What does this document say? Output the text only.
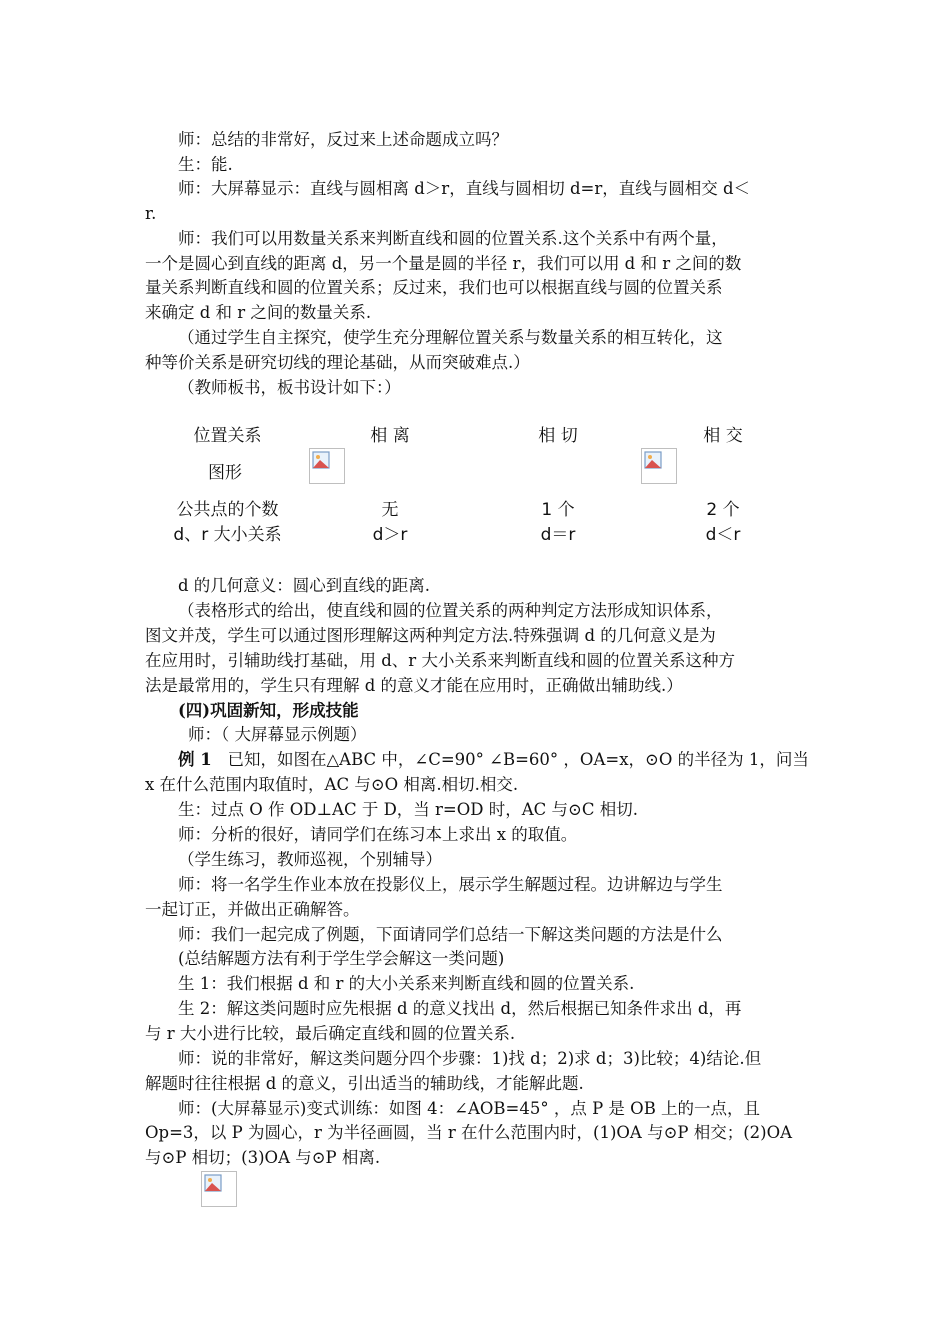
师：总结的非常好，反过来上述命题成立吗？
生：能.
师：大屏幕显示：直线与圆相离 d＞r，直线与圆相切 d=r，直线与圆相交 d＜
r.
师：我们可以用数量关系来判断直线和圆的位置关系.这个关系中有两个量，
一个是圆心到直线的距离 d，另一个量是圆的半径 r，我们可以用 d 和 r 之间的数
量关系判断直线和圆的位置关系；反过来，我们也可以根据直线与圆的位置关系
来确定 d 和 r 之间的数量关系.
（通过学生自主探究，使学生充分理解位置关系与数量关系的相互转化，这
种等价关系是研究切线的理论基础，从而突破难点.）
（教师板书，板书设计如下：）
位置关系	相 离	相 切	相 交
图形
公共点的个数	无	1 个	2 个
d、r 大小关系	d＞r	d＝r	d＜r
d 的几何意义：圆心到直线的距离.
（表格形式的给出，使直线和圆的位置关系的两种判定方法形成知识体系，
图文并茂，学生可以通过图形理解这两种判定方法.特殊强调 d 的几何意义是为
在应用时，引辅助线打基础，用 d、r 大小关系来判断直线和圆的位置关系这种方
法是最常用的，学生只有理解 d 的意义才能在应用时，正确做出辅助线.）
(四)巩固新知，形成技能
师：（ 大屏幕显示例题）
例 1 已知，如图在△ABC 中，∠C=90° ∠B=60° ，OA=x，⊙O 的半径为 1，问当
x 在什么范围内取值时，AC 与⊙O 相离.相切.相交.
生：过点 O 作 OD⊥AC 于 D，当 r=OD 时，AC 与⊙C 相切.
师：分析的很好，请同学们在练习本上求出 x 的取值。
（学生练习，教师巡视，个别辅导）
师：将一名学生作业本放在投影仪上，展示学生解题过程。边讲解边与学生
一起订正，并做出正确解答。
师：我们一起完成了例题，下面请同学们总结一下解这类问题的方法是什么
(总结解题方法有利于学生学会解这一类问题)
生 1：我们根据 d 和 r 的大小关系来判断直线和圆的位置关系.
生 2：解这类问题时应先根据 d 的意义找出 d，然后根据已知条件求出 d，再
与 r 大小进行比较，最后确定直线和圆的位置关系.
师：说的非常好，解这类问题分四个步骤：1)找 d；2)求 d；3)比较；4)结论.但
解题时往往根据 d 的意义，引出适当的辅助线，才能解此题.
师：(大屏幕显示)变式训练：如图 4：∠AOB=45° ，点 P 是 OB 上的一点，且
Op=3，以 P 为圆心，r 为半径画圆，当 r 在什么范围内时，(1)OA 与⊙P 相交；(2)OA
与⊙P 相切；(3)OA 与⊙P 相离.
